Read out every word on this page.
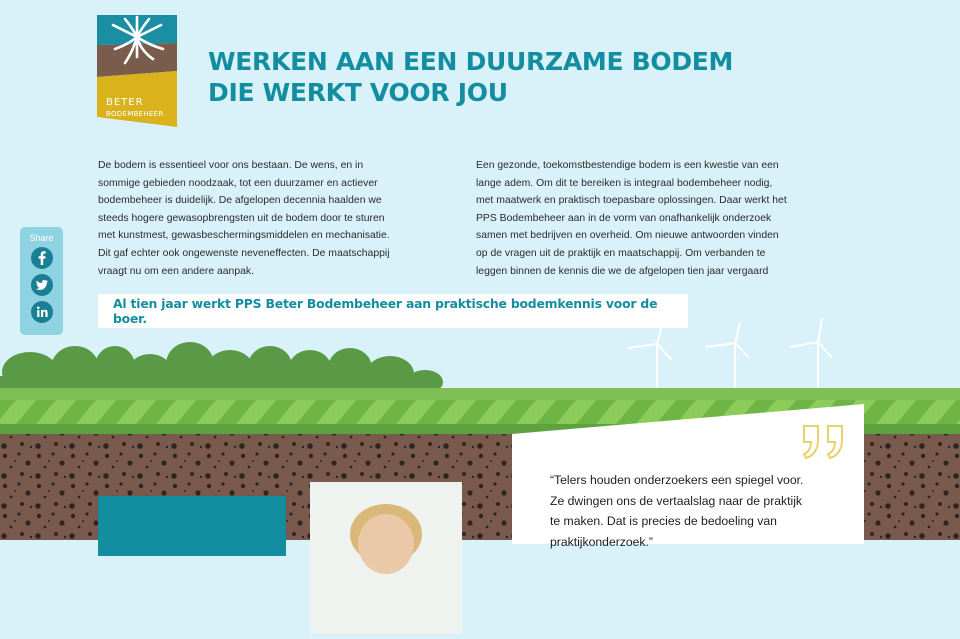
BETER
BODEMBEHEER
WERKEN AAN EEN DUURZAME BODEM
DIE WERKT VOOR JOU
De bodem is essentieel voor ons bestaan. De wens, en in
sommige gebieden noodzaak, tot een duurzamer en actiever
bodembeheer is duidelijk. De afgelopen decennia haalden we
steeds hogere gewasopbrengsten uit de bodem door te sturen
met kunstmest, gewasbeschermingsmiddelen en mechanisatie.
Dit gaf echter ook ongewenste neveneffecten. De maatschappij
vraagt nu om een andere aanpak.
Een gezonde, toekomstbestendige bodem is een kwestie van een
lange adem. Om dit te bereiken is integraal bodembeheer nodig,
met maatwerk en praktisch toepasbare oplossingen. Daar werkt het
PPS Bodembeheer aan in de vorm van onafhankelijk onderzoek
samen met bedrijven en overheid. Om nieuwe antwoorden vinden
op de vragen uit de praktijk en maatschappij. Om verbanden te
leggen binnen de kennis die we de afgelopen tien jaar vergaard
Share
Al tien jaar werkt PPS Beter Bodembeheer aan praktische bodemkennis voor de boer.
“Telers houden onderzoekers een spiegel voor.
Ze dwingen ons de vertaalslag naar de praktijk
te maken. Dat is precies de bedoeling van
praktijkonderzoek.”
